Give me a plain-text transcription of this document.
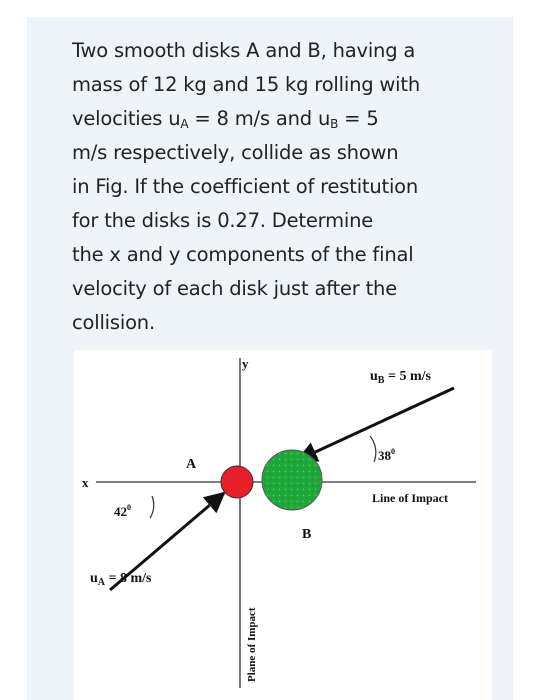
Two smooth disks A and B, having a
mass of 12 kg and 15 kg rolling with
velocities $u_A = 8$ m/s and $u_B = 5$
m/s respectively, collide as shown
in Fig. If the coefficient of restitution
for the disks is 0.27. Determine
the x and y components of the final
velocity of each disk just after the
collision.
y
x
A
B
$u_B = 5$ m/s
$38^0$
Line of Impact
$42^0$
$u_A = 8$ m/s
Plane of Impact
